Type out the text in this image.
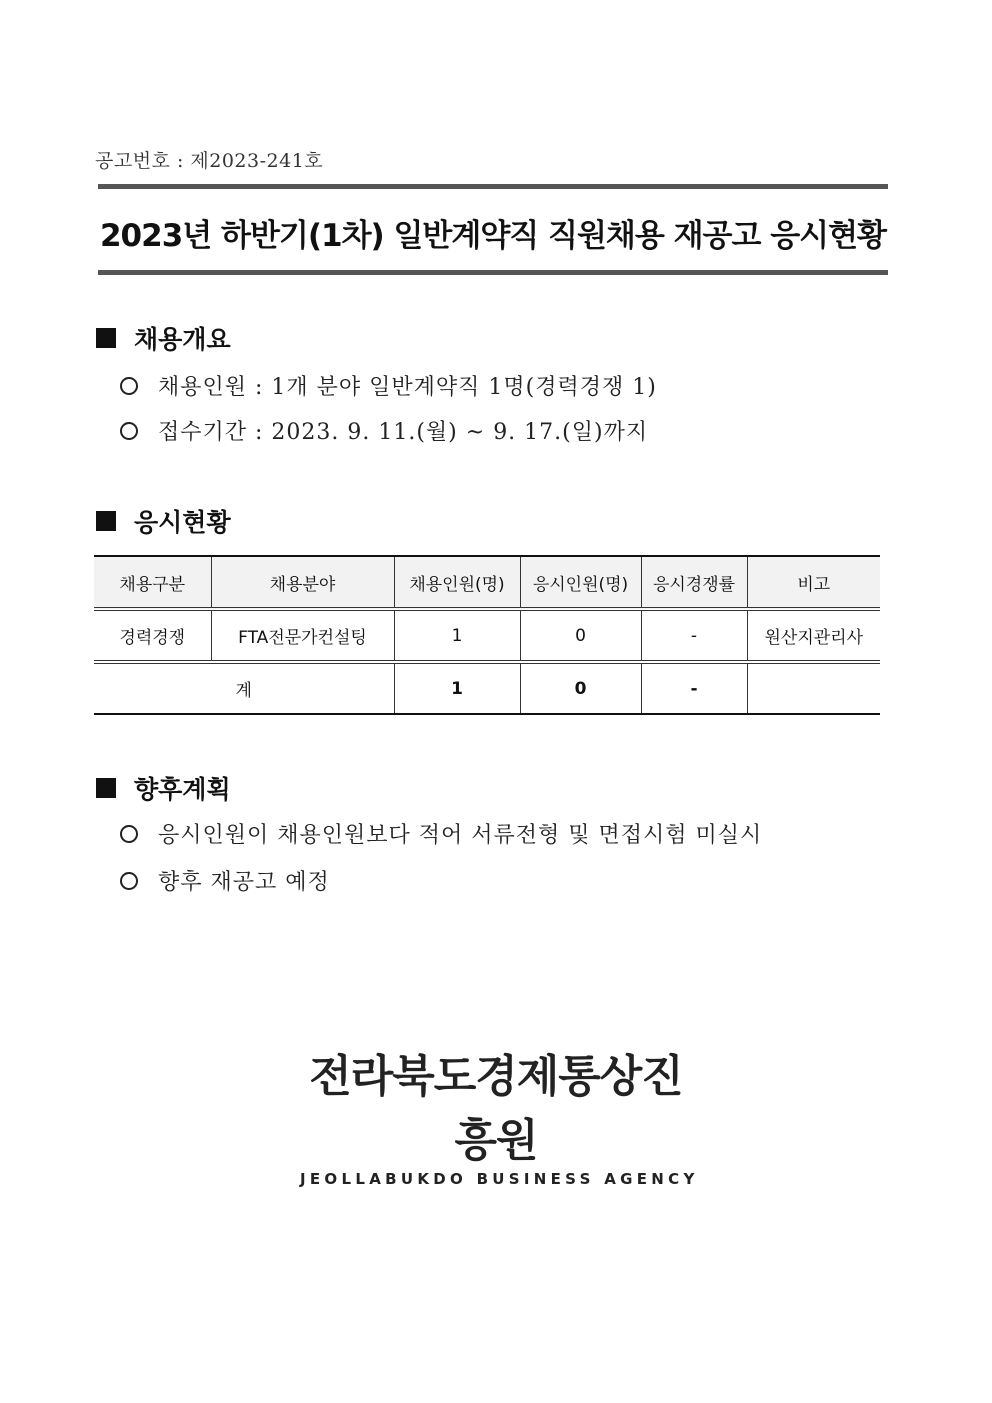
공고번호 : 제2023-241호
2023년 하반기(1차) 일반계약직 직원채용 재공고 응시현황
채용개요
채용인원 : 1개 분야 일반계약직 1명(경력경쟁 1)
접수기간 : 2023. 9. 11.(월) ~ 9. 17.(일)까지
응시현황
채용구분	채용분야	채용인원(명)	응시인원(명)	응시경쟁률	비고
경력경쟁	FTA전문가컨설팅	1	0	-	원산지관리사
계		1	0	-	
향후계획
응시인원이 채용인원보다 적어 서류전형 및 면접시험 미실시
향후 재공고 예정
전라북도경제통상진흥원
JEOLLABUKDO BUSINESS AGENCY
